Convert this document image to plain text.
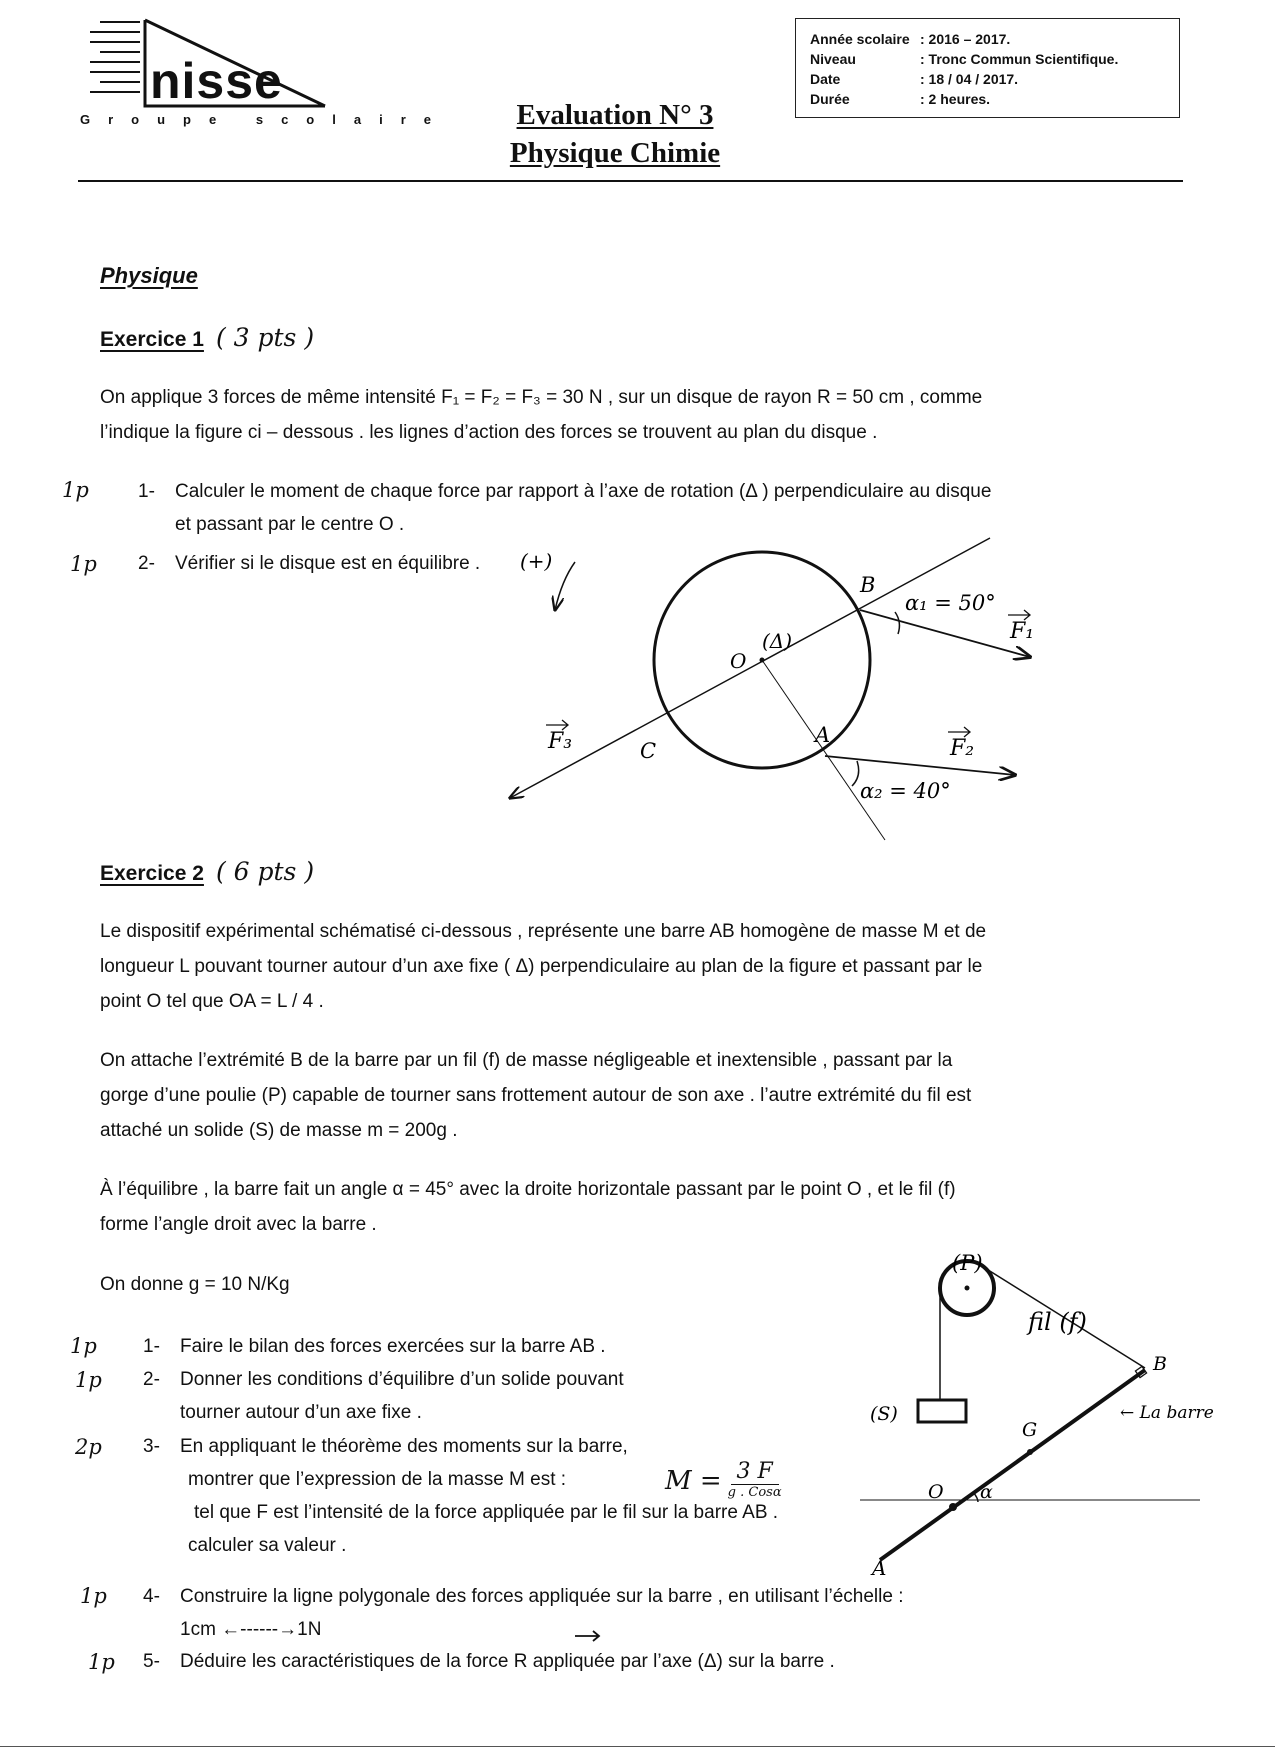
nisse
Groupe scolaire	Evaluation N° 3
Physique Chimie
Année scolaire : 2016 – 2017.
Niveau	: Tronc Commun Scientifique.
Date	: 18 / 04 / 2017.
Durée	: 2 heures.
Physique
Exercice 1 ( 3 pts )
On applique 3 forces de même intensité F₁ = F₂ = F₃ = 30 N , sur un disque de rayon R = 50 cm , comme
l’indique la figure ci – dessous . les lignes d’action des forces se trouvent au plan du disque .
1p	1- Calculer le moment de chaque force par rapport à l’axe de rotation (Δ ) perpendiculaire au disque
et passant par le centre O .
1p 2- Vérifier si le disque est en équilibre . (+)
O
(Δ)
B
A
C
α₁ = 50°
α₂ = 40°
F₁
F₂
F₃
Exercice 2 ( 6 pts )
Le dispositif expérimental schématisé ci-dessous , représente une barre AB homogène de masse M et de
longueur L pouvant tourner autour d’un axe fixe ( Δ) perpendiculaire au plan de la figure et passant par le
point O tel que OA = L / 4 .
On attache l’extrémité B de la barre par un fil (f) de masse négligeable et inextensible , passant par la
gorge d’une poulie (P) capable de tourner sans frottement autour de son axe . l’autre extrémité du fil est
attaché un solide (S) de masse m = 200g .
À l’équilibre , la barre fait un angle α = 45° avec la droite horizontale passant par le point O , et le fil (f)
forme l’angle droit avec la barre .
On donne g = 10 N/Kg
1p 1- Faire le bilan des forces exercées sur la barre AB .
1p 2- Donner les conditions d’équilibre d’un solide pouvant
tourner autour d’un axe fixe .
2p 3- En appliquant le théorème des moments sur la barre,
montrer que l’expression de la masse M est :
tel que F est l’intensité de la force appliquée par le fil sur la barre AB .
calculer sa valeur .
M = 3 F
g . Cosα
1p 4- Construire la ligne polygonale des forces appliquée sur la barre , en utilisant l’échelle :
1cm ←------→1N
1p 5- Déduire les caractéristiques de la force R appliquée par l’axe (Δ) sur la barre .
(P)
fil (f)
(S)
B
G
O α
A
← La barre
